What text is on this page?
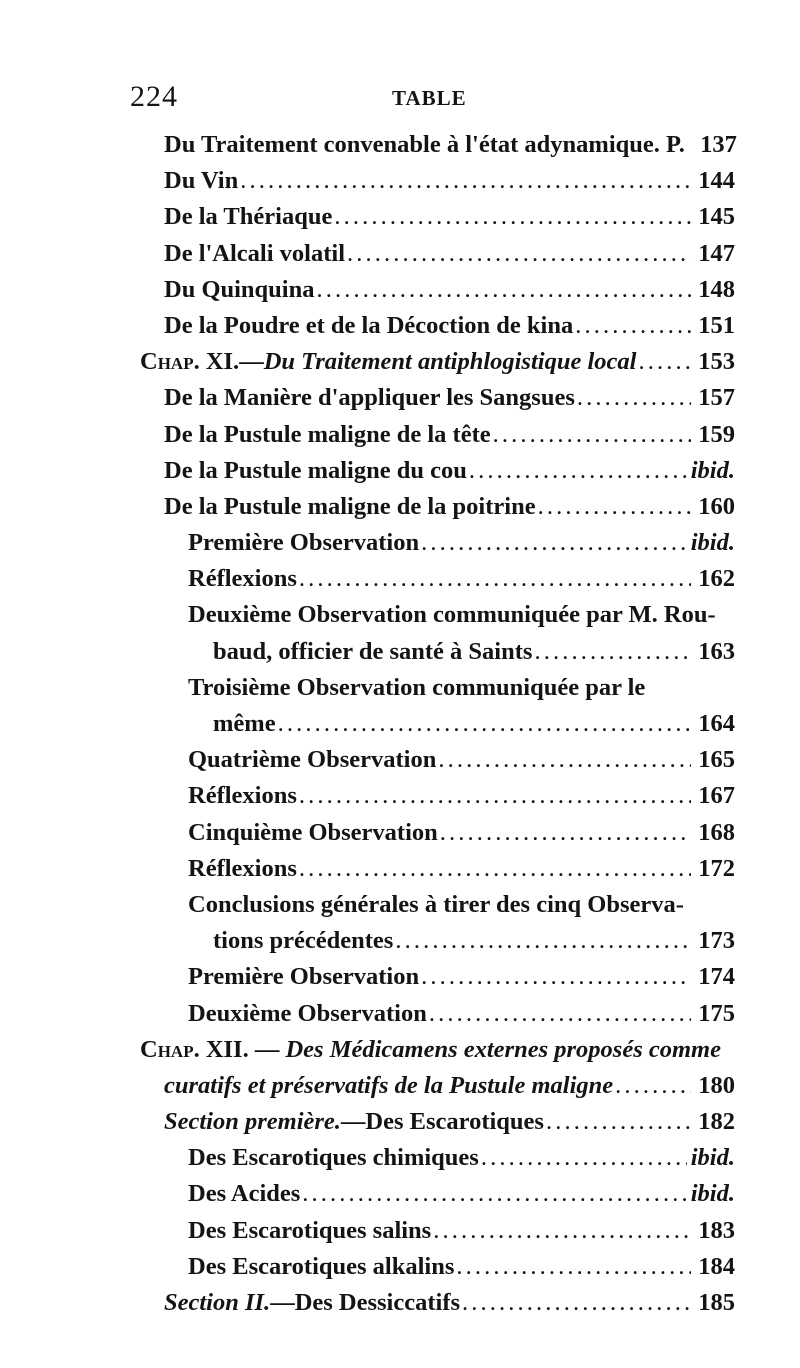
224	TABLE
Du Traitement convenable à l'état adynamique. P. 137
Du Vin . . .	144
De la Thériaque . . .	145
De l'Alcali volatil . . .	147
Du Quinquina . . .	148
De la Poudre et de la Décoction de kina . . .	151
Chap. XI. — Du Traitement antiphlogistique local . . .	153
De la Manière d'appliquer les Sangsues . . .	157
De la Pustule maligne de la tête . . .	159
De la Pustule maligne du cou . . .	ibid.
De la Pustule maligne de la poitrine . . .	160
Première Observation . . .	ibid.
Réflexions . . .	162
Deuxième Observation communiquée par M. Rou-
baud, officier de santé à Saints . . .	163
Troisième Observation communiquée par le
même . . .	164
Quatrième Observation . . .	165
Réflexions . . .	167
Cinquième Observation . . .	168
Réflexions . . .	172
Conclusions générales à tirer des cinq Observa-
tions précédentes . . .	173
Première Observation . . .	174
Deuxième Observation . . .	175
Chap. XII. — Des Médicamens externes proposés comme
curatifs et préservatifs de la Pustule maligne . . .	180
Section première. — Des Escarotiques . . .	182
Des Escarotiques chimiques . . .	ibid.
Des Acides . . .	ibid.
Des Escarotiques salins . . .	183
Des Escarotiques alkalins . . .	184
Section II. — Des Dessiccatifs . . .	185
